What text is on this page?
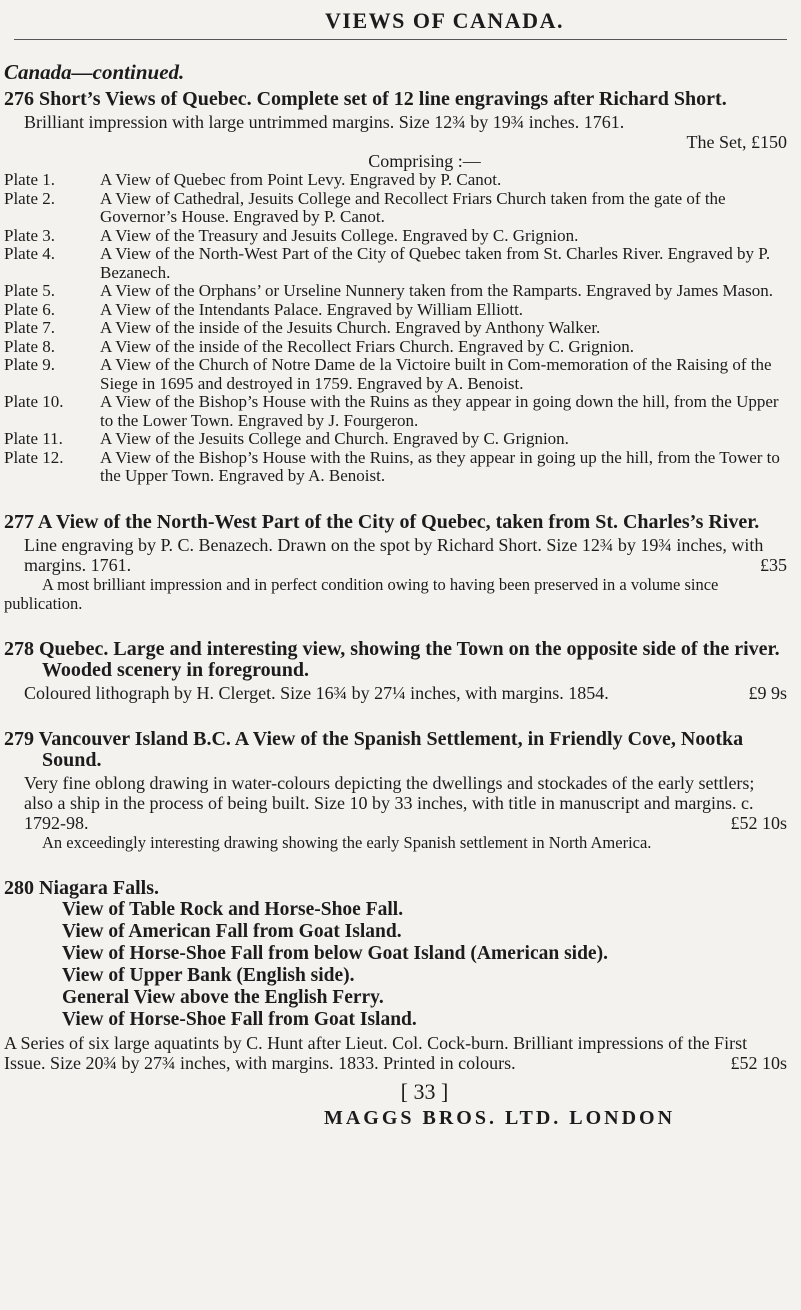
VIEWS OF CANADA.
Canada—continued.
276 Short’s Views of Quebec. Complete set of 12 line engravings after Richard Short.
Brilliant impression with large untrimmed margins. Size 12¾ by 19¾ inches. 1761.
The Set, £150
Comprising :—
Plate 1.	A View of Quebec from Point Levy. Engraved by P. Canot.
Plate 2.	A View of Cathedral, Jesuits College and Recollect Friars Church taken from the gate of the Governor’s House. Engraved by P. Canot.
Plate 3.	A View of the Treasury and Jesuits College. Engraved by C. Grignion.
Plate 4.	A View of the North-West Part of the City of Quebec taken from St. Charles River. Engraved by P. Bezanech.
Plate 5.	A View of the Orphans’ or Urseline Nunnery taken from the Ramparts. Engraved by James Mason.
Plate 6.	A View of the Intendants Palace. Engraved by William Elliott.
Plate 7.	A View of the inside of the Jesuits Church. Engraved by Anthony Walker.
Plate 8.	A View of the inside of the Recollect Friars Church. Engraved by C. Grignion.
Plate 9.	A View of the Church of Notre Dame de la Victoire built in Com-memoration of the Raising of the Siege in 1695 and destroyed in 1759. Engraved by A. Benoist.
Plate 10.	A View of the Bishop’s House with the Ruins as they appear in going down the hill, from the Upper to the Lower Town. Engraved by J. Fourgeron.
Plate 11.	A View of the Jesuits College and Church. Engraved by C. Grignion.
Plate 12.	A View of the Bishop’s House with the Ruins, as they appear in going up the hill, from the Tower to the Upper Town. Engraved by A. Benoist.
277 A View of the North-West Part of the City of Quebec, taken from St. Charles’s River.
Line engraving by P. C. Benazech. Drawn on the spot by Richard Short. Size 12¾ by 19¾ inches, with margins. 1761.	£35
A most brilliant impression and in perfect condition owing to having been preserved in a volume since publication.
278 Quebec. Large and interesting view, showing the Town on the opposite side of the river. Wooded scenery in foreground.
Coloured lithograph by H. Clerget. Size 16¾ by 27¼ inches, with margins. 1854.	£9 9s
279 Vancouver Island B.C. A View of the Spanish Settlement, in Friendly Cove, Nootka Sound.
Very fine oblong drawing in water-colours depicting the dwellings and stockades of the early settlers; also a ship in the process of being built. Size 10 by 33 inches, with title in manuscript and margins. c. 1792-98.	£52 10s
An exceedingly interesting drawing showing the early Spanish settlement in North America.
280 Niagara Falls.
View of Table Rock and Horse-Shoe Fall.
View of American Fall from Goat Island.
View of Horse-Shoe Fall from below Goat Island (American side).
View of Upper Bank (English side).
General View above the English Ferry.
View of Horse-Shoe Fall from Goat Island.
A Series of six large aquatints by C. Hunt after Lieut. Col. Cock-burn. Brilliant impressions of the First Issue. Size 20¾ by 27¾ inches, with margins. 1833. Printed in colours.	£52 10s
[ 33 ]
MAGGS BROS. LTD. LONDON
